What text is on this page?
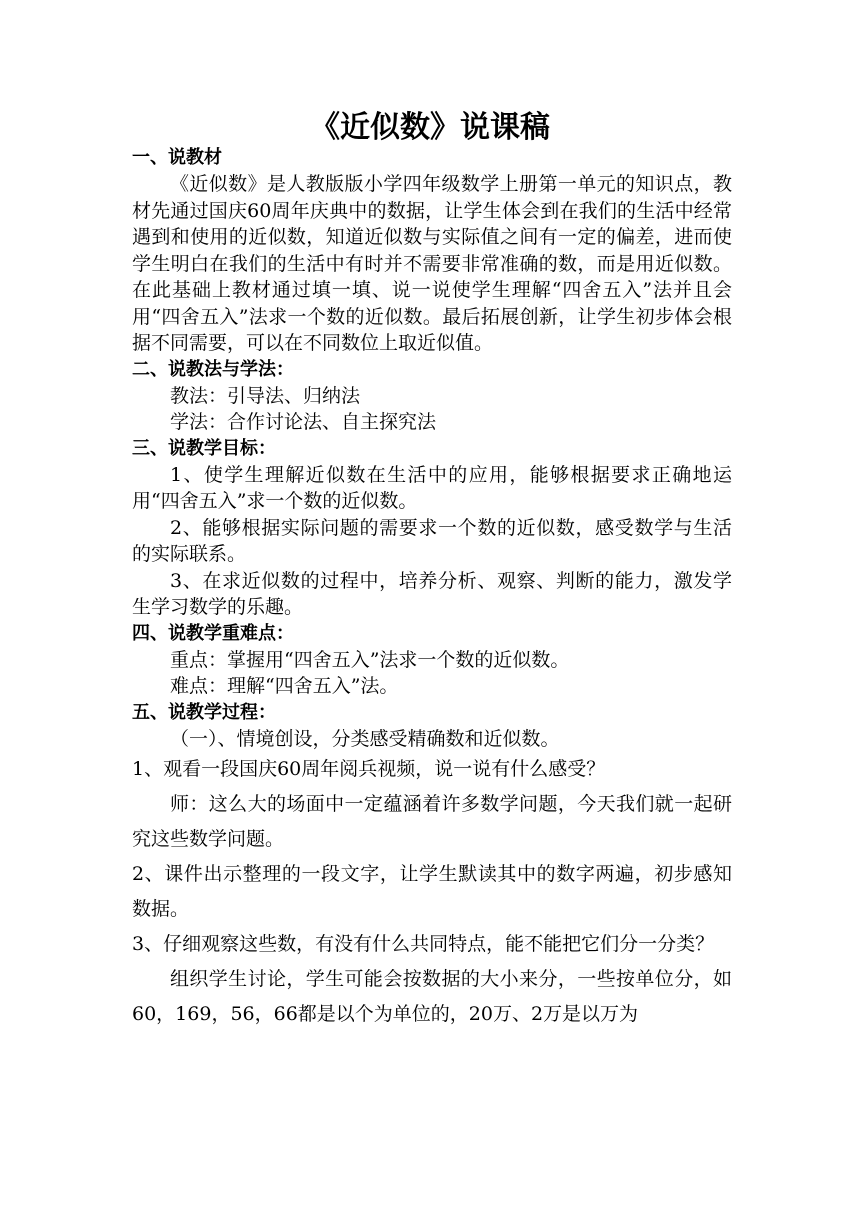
《近似数》说课稿
一、说教材
《近似数》是人教版版小学四年级数学上册第一单元的知识点，教材先通过国庆60周年庆典中的数据，让学生体会到在我们的生活中经常遇到和使用的近似数，知道近似数与实际值之间有一定的偏差，进而使学生明白在我们的生活中有时并不需要非常准确的数，而是用近似数。在此基础上教材通过填一填、说一说使学生理解“四舍五入”法并且会用“四舍五入”法求一个数的近似数。最后拓展创新，让学生初步体会根据不同需要，可以在不同数位上取近似值。
二、说教法与学法：
教法：引导法、归纳法
学法：合作讨论法、自主探究法
三、说教学目标：
1、使学生理解近似数在生活中的应用，能够根据要求正确地运用“四舍五入”求一个数的近似数。
2、能够根据实际问题的需要求一个数的近似数，感受数学与生活的实际联系。
3、在求近似数的过程中，培养分析、观察、判断的能力，激发学生学习数学的乐趣。
四、说教学重难点：
重点：掌握用“四舍五入”法求一个数的近似数。
难点：理解“四舍五入”法。
五、说教学过程：
（一）、情境创设，分类感受精确数和近似数。
1、观看一段国庆60周年阅兵视频，说一说有什么感受？
师：这么大的场面中一定蕴涵着许多数学问题，今天我们就一起研究这些数学问题。
2、课件出示整理的一段文字，让学生默读其中的数字两遍，初步感知数据。
3、仔细观察这些数，有没有什么共同特点，能不能把它们分一分类？
组织学生讨论，学生可能会按数据的大小来分，一些按单位分，如60，169，56，66都是以个为单位的，20万、2万是以万为
